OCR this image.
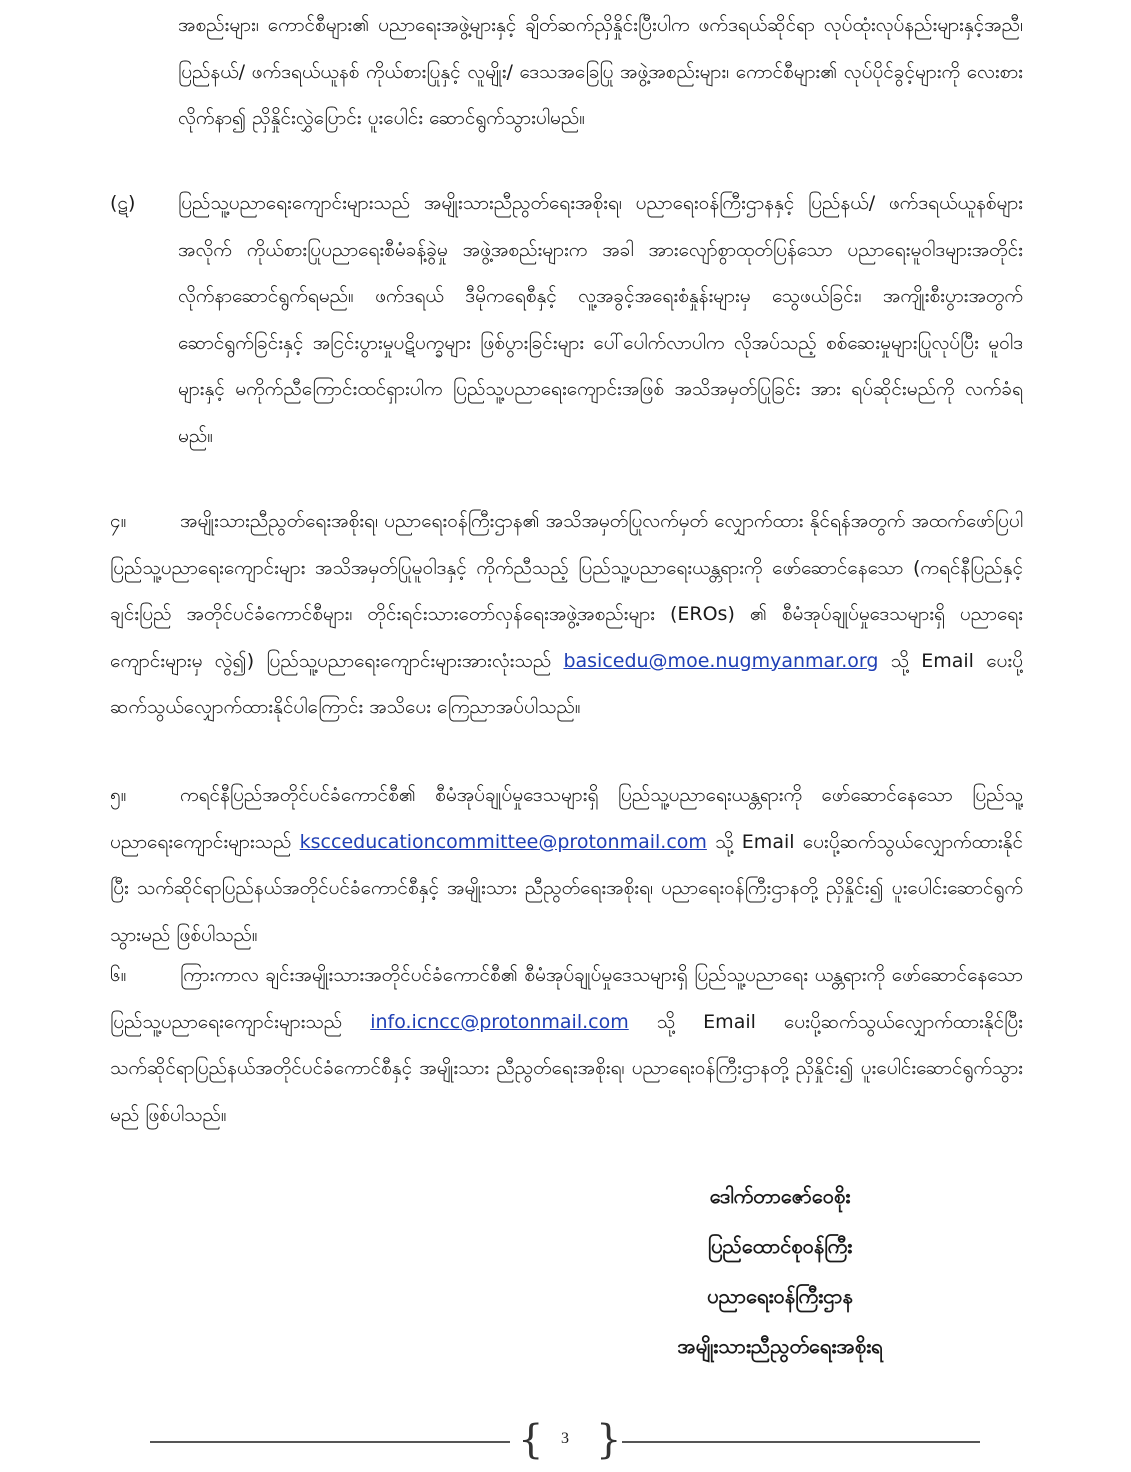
အစည်းများ၊ ကောင်စီများ၏ ပညာရေးအဖွဲ့များနှင့် ချိတ်ဆက်ညှိနှိုင်းပြီးပါက ဖက်ဒရယ်ဆိုင်ရာ လုပ်ထုံးလုပ်နည်းများနှင့်အညီ၊ ပြည်နယ်/ ဖက်ဒရယ်ယူနစ် ကိုယ်စားပြုနှင့် လူမျိုး/ ဒေသအခြေပြု အဖွဲ့အစည်းများ၊ ကောင်စီများ၏ လုပ်ပိုင်ခွင့်များကို လေးစားလိုက်နာ၍ ညှိနှိုင်းလွှဲပြောင်း ပူးပေါင်း ဆောင်ရွက်သွားပါမည်။
(ဋ) ပြည်သူ့ပညာရေးကျောင်းများသည် အမျိုးသားညီညွတ်ရေးအစိုးရ၊ ပညာရေးဝန်ကြီးဌာနနှင့် ပြည်နယ်/ ဖက်ဒရယ်ယူနစ်များအလိုက် ကိုယ်စားပြုပညာရေးစီမံခန့်ခွဲမှု အဖွဲ့အစည်းများက အခါ အားလျော်စွာထုတ်ပြန်သော ပညာရေးမူဝါဒများအတိုင်း လိုက်နာဆောင်ရွက်ရမည်။ ဖက်ဒရယ် ဒီမိုကရေစီနှင့် လူ့အခွင့်အရေးစံနှုန်းများမှ သွေဖယ်ခြင်း၊ အကျိုးစီးပွားအတွက် ဆောင်ရွက်ခြင်းနှင့် အငြင်းပွားမှုပဋိပက္ခများ ဖြစ်ပွားခြင်းများ ပေါ်ပေါက်လာပါက လိုအပ်သည့် စစ်ဆေးမှုများပြုလုပ်ပြီး မူဝါဒများနှင့် မကိုက်ညီကြောင်းထင်ရှားပါက ပြည်သူ့ပညာရေးကျောင်းအဖြစ် အသိအမှတ်ပြုခြင်း အား ရပ်ဆိုင်းမည်ကို လက်ခံရမည်။
၄။	အမျိုးသားညီညွတ်ရေးအစိုးရ၊ ပညာရေးဝန်ကြီးဌာန၏ အသိအမှတ်ပြုလက်မှတ် လျှောက်ထား နိုင်ရန်အတွက် အထက်ဖော်ပြပါ ပြည်သူ့ပညာရေးကျောင်းများ အသိအမှတ်ပြုမူဝါဒနှင့် ကိုက်ညီသည့် ပြည်သူ့ပညာရေးယန္တရားကို ဖော်ဆောင်နေသော (ကရင်နီပြည်နှင့် ချင်းပြည် အတိုင်ပင်ခံကောင်စီများ၊ တိုင်းရင်းသားတော်လှန်ရေးအဖွဲ့အစည်းများ (EROs) ၏ စီမံအုပ်ချုပ်မှုဒေသများရှိ ပညာရေးကျောင်းများမှ လွဲ၍) ပြည်သူ့ပညာရေးကျောင်းများအားလုံးသည် basicedu@moe.nugmyanmar.org သို့ Email ပေးပို့ ဆက်သွယ်လျှောက်ထားနိုင်ပါကြောင်း အသိပေး ကြေညာအပ်ပါသည်။
၅။	ကရင်နီပြည်အတိုင်ပင်ခံကောင်စီ၏ စီမံအုပ်ချုပ်မှုဒေသများရှိ ပြည်သူ့ပညာရေးယန္တရားကို ဖော်ဆောင်နေသော ပြည်သူ့ပညာရေးကျောင်းများသည် kscceducationcommittee@protonmail.com သို့ Email ပေးပို့ဆက်သွယ်လျှောက်ထားနိုင်ပြီး သက်ဆိုင်ရာပြည်နယ်အတိုင်ပင်ခံကောင်စီနှင့် အမျိုးသား ညီညွတ်ရေးအစိုးရ၊ ပညာရေးဝန်ကြီးဌာနတို့ ညှိနှိုင်း၍ ပူးပေါင်းဆောင်ရွက်သွားမည် ဖြစ်ပါသည်။
၆။	ကြားကာလ ချင်းအမျိုးသားအတိုင်ပင်ခံကောင်စီ၏ စီမံအုပ်ချုပ်မှုဒေသများရှိ ပြည်သူ့ပညာရေး ယန္တရားကို ဖော်ဆောင်နေသော ပြည်သူ့ပညာရေးကျောင်းများသည် info.icncc@protonmail.com သို့ Email ပေးပို့ဆက်သွယ်လျှောက်ထားနိုင်ပြီး သက်ဆိုင်ရာပြည်နယ်အတိုင်ပင်ခံကောင်စီနှင့် အမျိုးသား ညီညွတ်ရေးအစိုးရ၊ ပညာရေးဝန်ကြီးဌာနတို့ ညှိနှိုင်း၍ ပူးပေါင်းဆောင်ရွက်သွားမည် ဖြစ်ပါသည်။
ဒေါက်တာဇော်ဝေစိုး
ပြည်ထောင်စုဝန်ကြီး
ပညာရေးဝန်ကြီးဌာန
အမျိုးသားညီညွတ်ရေးအစိုးရ
{	3 }
